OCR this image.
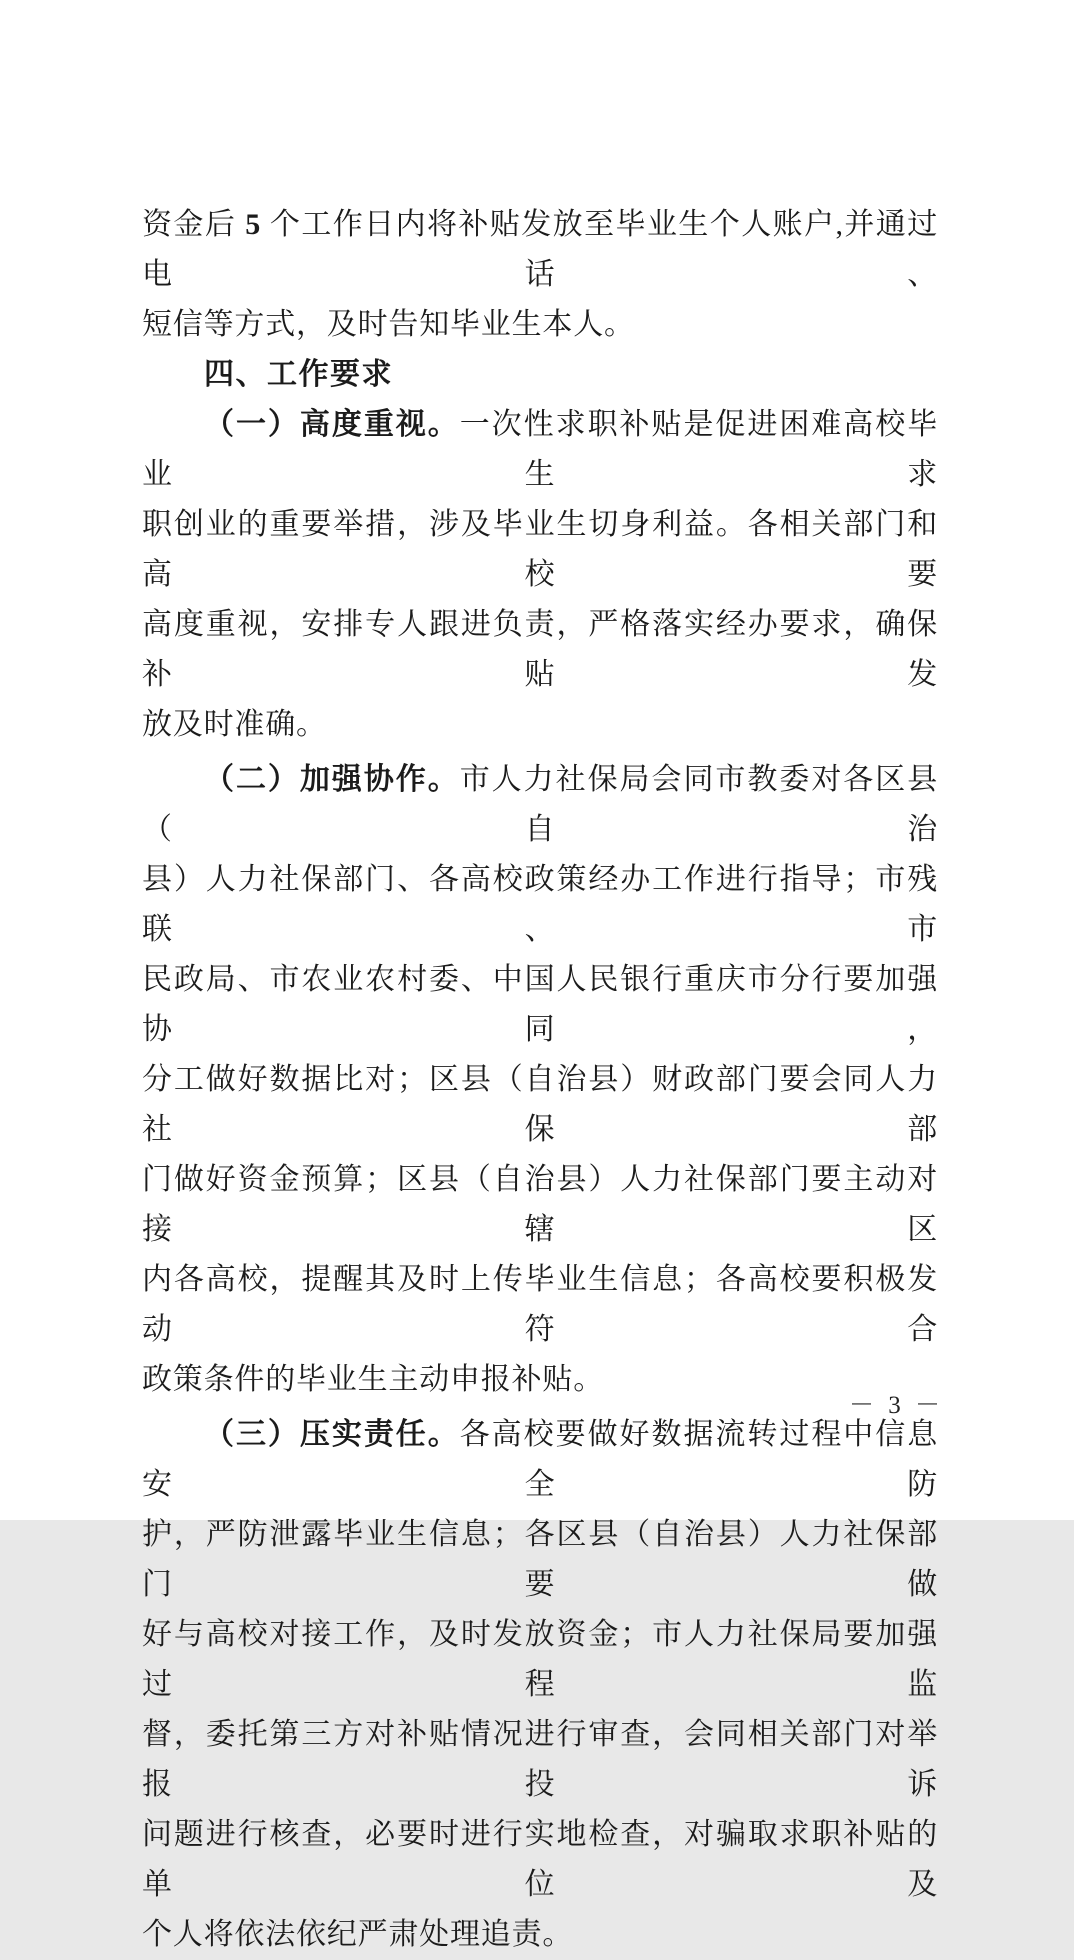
资金后 5 个工作日内将补贴发放至毕业生个人账户,并通过电话、
短信等方式，及时告知毕业生本人。
四、工作要求
（一）高度重视。一次性求职补贴是促进困难高校毕业生求
职创业的重要举措，涉及毕业生切身利益。各相关部门和高校要
高度重视，安排专人跟进负责，严格落实经办要求，确保补贴发
放及时准确。
（二）加强协作。市人力社保局会同市教委对各区县（自治
县）人力社保部门、各高校政策经办工作进行指导；市残联、市
民政局、市农业农村委、中国人民银行重庆市分行要加强协同，
分工做好数据比对；区县（自治县）财政部门要会同人力社保部
门做好资金预算；区县（自治县）人力社保部门要主动对接辖区
内各高校，提醒其及时上传毕业生信息；各高校要积极发动符合
政策条件的毕业生主动申报补贴。
（三）压实责任。各高校要做好数据流转过程中信息安全防
护，严防泄露毕业生信息；各区县（自治县）人力社保部门要做
好与高校对接工作，及时发放资金；市人力社保局要加强过程监
督，委托第三方对补贴情况进行审查，会同相关部门对举报投诉
问题进行核查，必要时进行实地检查，对骗取求职补贴的单位及
个人将依法依纪严肃处理追责。
－ 3 －
